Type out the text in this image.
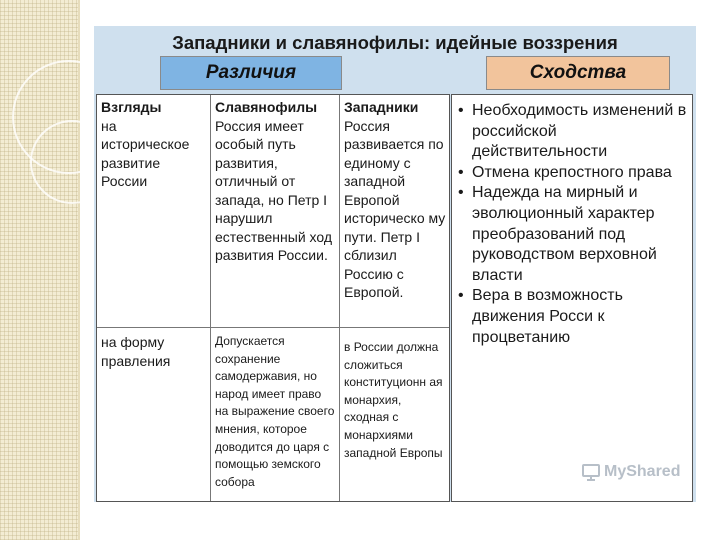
Западники и славянофилы: идейные воззрения
Различия	Сходства
Взгляды
на историческое развитие России
Славянофилы
Россия имеет особый путь развития, отличный от запада, но Петр I нарушил естественный ход развития России.
Западники
Россия развивается по единому с западной Европой историческо му пути. Петр I сблизил Россию с Европой.
на форму правления
Допускается сохранение самодержавия, но народ имеет право на выражение своего мнения, которое доводится до царя с помощью земского собора
в России должна сложиться конституционн ая монархия, сходная с монархиями западной Европы
• Необходимость изменений в российской действительности
• Отмена крепостного права
• Надежда на мирный и эволюционный характер преобразований под руководством верховной власти
• Вера в возможность движения Росси к процветанию
MyShared
